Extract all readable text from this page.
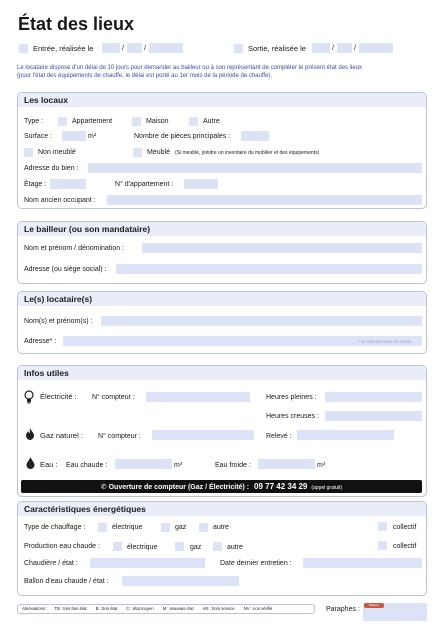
État des lieux
Entrée, réalisée le	/	/	Sortie, réalisée le	/	/
Le locataire dispose d'un délai de 10 jours pour demander au bailleur ou à son représentant de compléter le présent état des lieux
(pour l'état des équipements de chauffe, le délai est porté au 1er mois de la période de chauffe).
Les locaux
Type :	Appartement	Maison	Autre
Surface :	m²	Nombre de pièces principales :
Non meublé	Meublé (Si meublé, joindre un inventaire du mobilier et des équipements)
Adresse du bien :
Étage :	N° d'appartement :
Nom ancien occupant :
Le bailleur (ou son mandataire)
Nom et prénom / dénomination :
Adresse (ou siège social) :
Le(s) locataire(s)
Nom(s) et prénom(s) :
Adresse* :	* Si état des lieux de sortie
Infos utiles
Électricité : N° compteur :	Heures pleines :
Heures creuses :
Gaz naturel : N° compteur :	Relevé :
Eau : Eau chaude :	m³	Eau froide :	m³
✆ Ouverture de compteur (Gaz / Électricité) : 09 77 42 34 29 (appel gratuit)
Caractéristiques énergétiques
Type de chauffage :	électrique	gaz	autre	collectif
Production eau chaude :	électrique	gaz	autre	collectif
Chaudière / état :	Date dernier entretien :
Ballon d'eau chaude / état :
Abréviations : TB : très bon état B : bon état C : état moyen M : mauvais état HS : hors service NV : non vérifié	Paraphes :
Bailleur
